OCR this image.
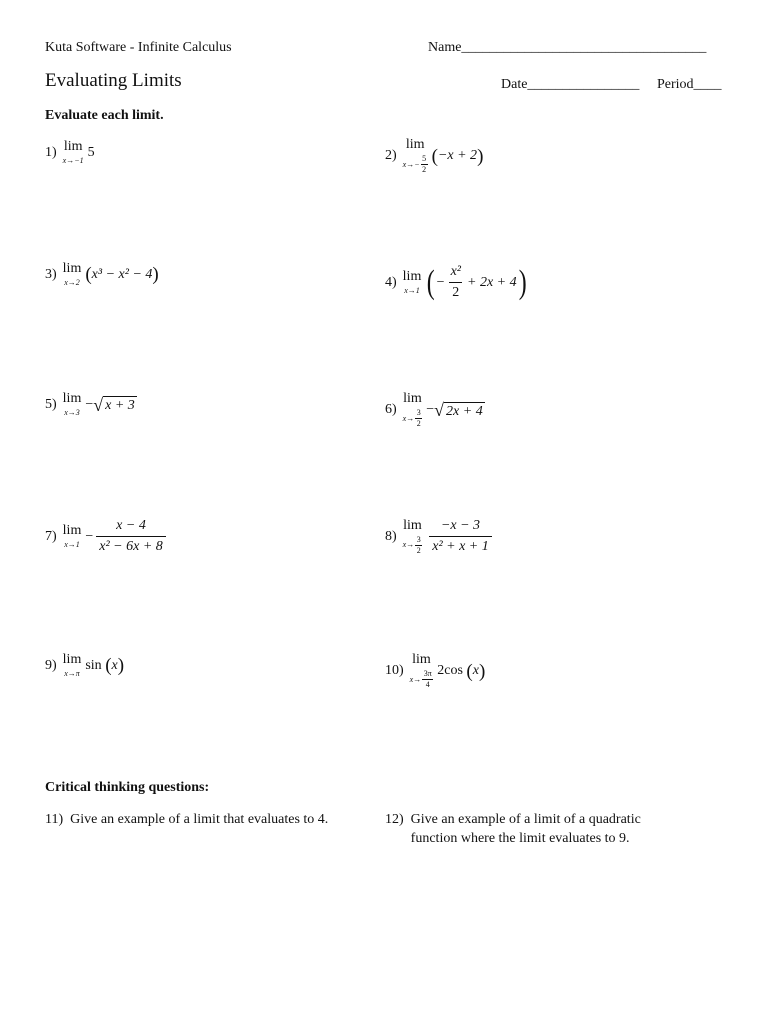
Kuta Software - Infinite Calculus	Name___________________________________
Evaluating Limits	Date________________ Period____
Evaluate each limit.
1) lim
x→−1
5	2)
lim
x→−
5
2
( −x + 2 )
3) lim
x→2 ( x³ − x² − 4 )	4) lim
x→1 ( − $\frac{\text{x²}}{2} + 2x + 4$ )
5) lim
x→3
− √ x + 3	6)
lim
x→
3
2
− √ 2x + 4
7) lim
x→1
− $\frac{x - 4}{\text{x² − 6x + 8}}$	8)
lim
x→
3
$2 \frac{-x - 3}{\text{x² + x + 1}}$
9) lim
x→π
sin
( x )	10)
lim
x→
3π
4
2cos
( x )
Critical thinking questions:
11) Give an example of a limit that evaluates to 4.	12) Give an example of a limit of a quadratic
function where the limit evaluates to 9.
